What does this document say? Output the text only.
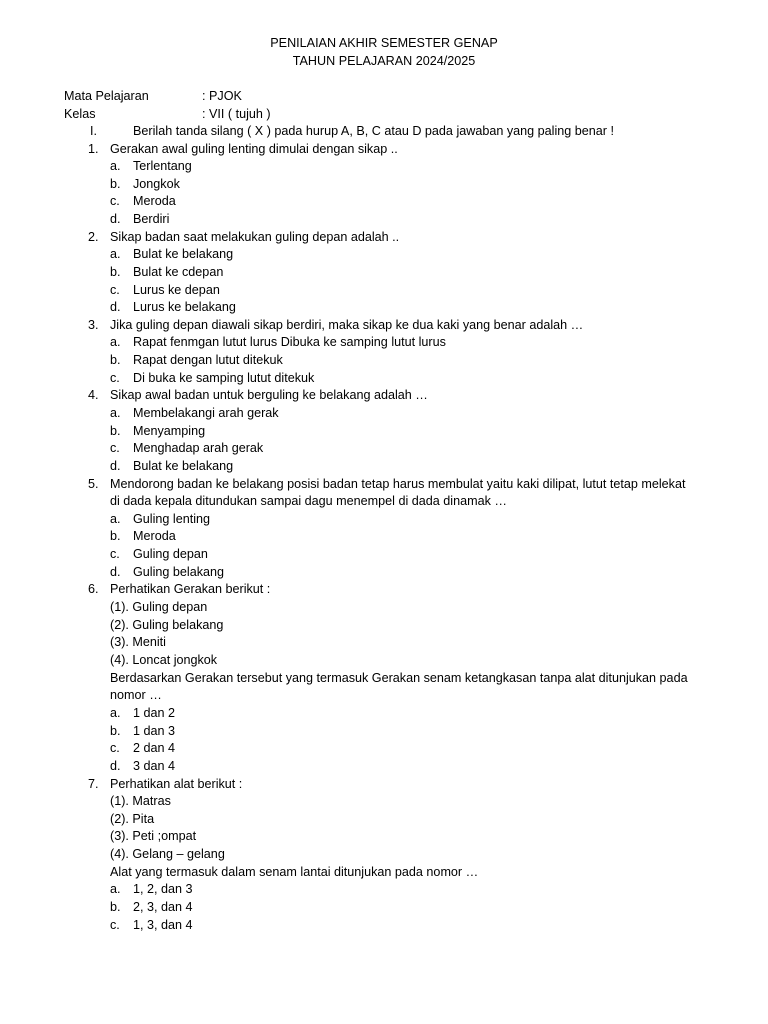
PENILAIAN AKHIR SEMESTER GENAP
TAHUN PELAJARAN 2024/2025
Mata Pelajaran	: PJOK
Kelas	: VII ( tujuh )
I.	Berilah tanda silang ( X ) pada hurup A, B, C atau D pada jawaban yang paling benar !
1. Gerakan awal guling lenting dimulai dengan sikap ..
a. Terlentang
b. Jongkok
c. Meroda
d. Berdiri
2. Sikap badan saat melakukan guling depan adalah ..
a. Bulat ke belakang
b. Bulat ke cdepan
c. Lurus ke depan
d. Lurus ke belakang
3. Jika guling depan diawali sikap berdiri, maka sikap ke dua kaki yang benar adalah …
a. Rapat fenmgan lutut lurus Dibuka ke samping lutut lurus
b. Rapat dengan lutut ditekuk
c. Di buka ke samping lutut ditekuk
4. Sikap awal badan untuk berguling ke belakang adalah …
a. Membelakangi arah gerak
b. Menyamping
c. Menghadap arah gerak
d. Bulat ke belakang
5. Mendorong badan ke belakang posisi badan tetap harus membulat yaitu kaki dilipat, lutut tetap melekat
di dada kepala ditundukan sampai dagu menempel di dada dinamak …
a. Guling lenting
b. Meroda
c. Guling depan
d. Guling belakang
6. Perhatikan Gerakan berikut :
(1). Guling depan
(2). Guling belakang
(3). Meniti
(4). Loncat jongkok
Berdasarkan Gerakan tersebut yang termasuk Gerakan senam ketangkasan tanpa alat ditunjukan pada
nomor …
a. 1 dan 2
b. 1 dan 3
c. 2 dan 4
d. 3 dan 4
7. Perhatikan alat berikut :
(1). Matras
(2). Pita
(3). Peti ;ompat
(4). Gelang – gelang
Alat yang termasuk dalam senam lantai ditunjukan pada nomor …
a. 1, 2, dan 3
b. 2, 3, dan 4
c. 1, 3, dan 4
